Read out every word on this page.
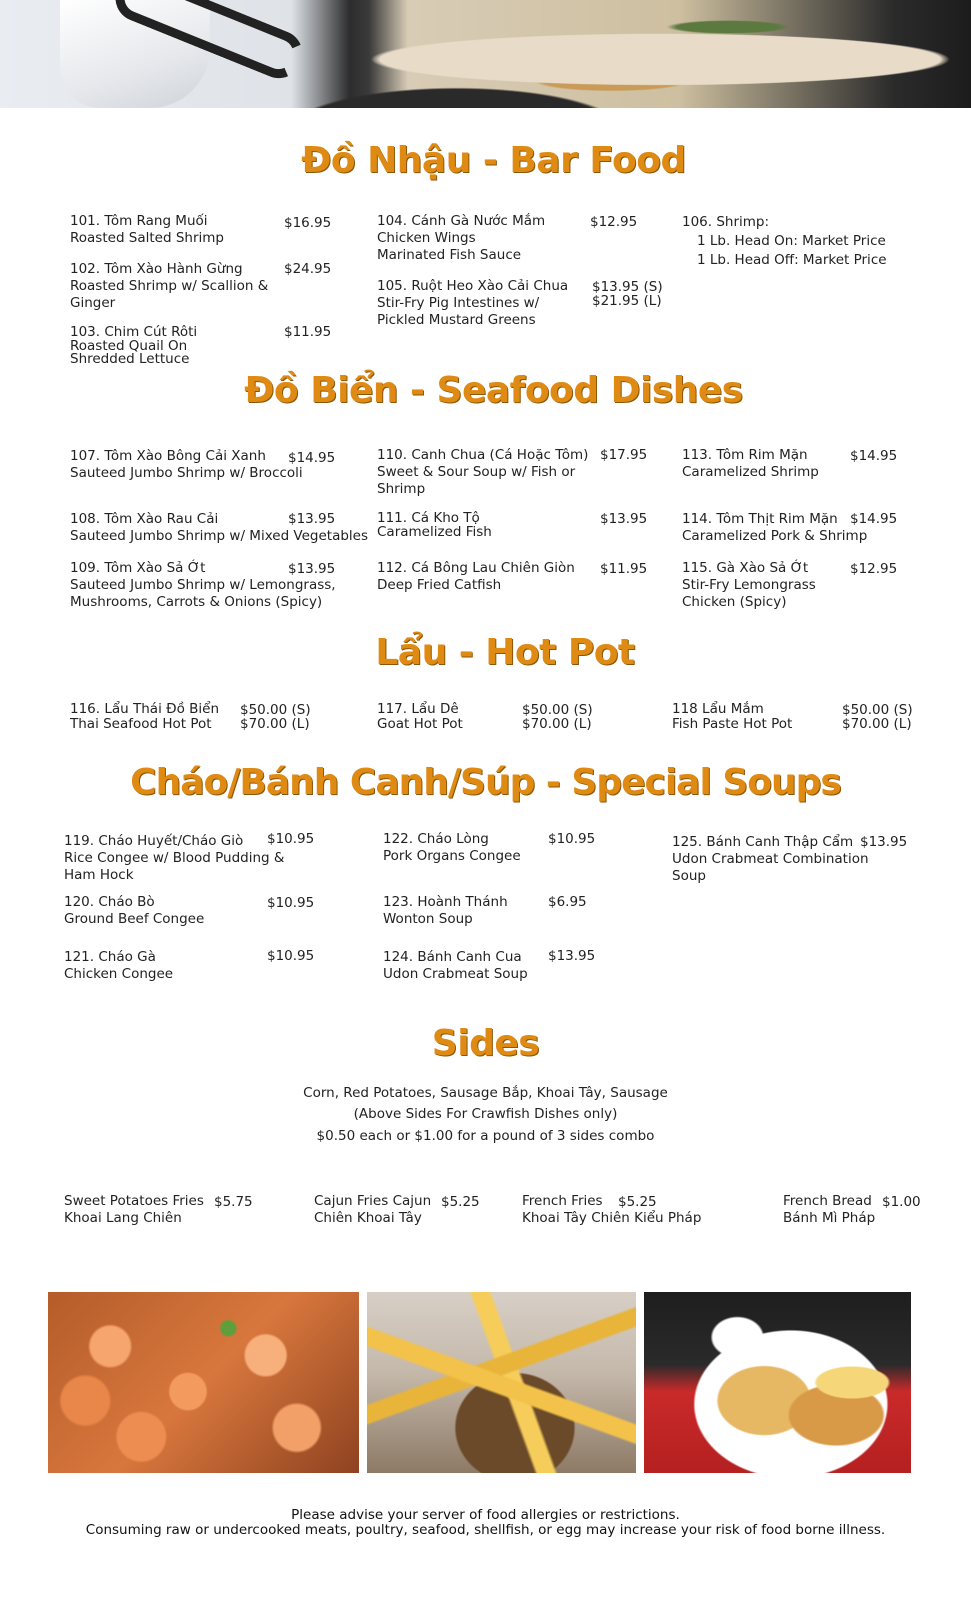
Đồ Nhậu - Bar Food
101. Tôm Rang Muối
Roasted Salted Shrimp
$16.95
102. Tôm Xào Hành Gừng
Roasted Shrimp w/ Scallion &
Ginger
$24.95
103. Chim Cút Rôti
Roasted Quail On
Shredded Lettuce
$11.95
104. Cánh Gà Nước Mắm
Chicken Wings
Marinated Fish Sauce
$12.95
105. Ruột Heo Xào Cải Chua
Stir-Fry Pig Intestines w/
Pickled Mustard Greens
$13.95 (S)
$21.95 (L)
106. Shrimp:
1 Lb. Head On: Market Price
1 Lb. Head Off: Market Price
Đồ Biển - Seafood Dishes
107. Tôm Xào Bông Cải Xanh
Sauteed Jumbo Shrimp w/ Broccoli
$14.95
108. Tôm Xào Rau Cải
Sauteed Jumbo Shrimp w/ Mixed Vegetables
$13.95
109. Tôm Xào Sả Ớt
Sauteed Jumbo Shrimp w/ Lemongrass,
Mushrooms, Carrots & Onions (Spicy)
$13.95
110. Canh Chua (Cá Hoặc Tôm)
Sweet & Sour Soup w/ Fish or
Shrimp
$17.95
111. Cá Kho Tộ
Caramelized Fish
$13.95
112. Cá Bông Lau Chiên Giòn
Deep Fried Catfish
$11.95
113. Tôm Rim Mặn
Caramelized Shrimp
$14.95
114. Tôm Thịt Rim Mặn
Caramelized Pork & Shrimp
$14.95
115. Gà Xào Sả Ớt
Stir-Fry Lemongrass
Chicken (Spicy)
$12.95
Lẩu - Hot Pot
116. Lẩu Thái Đồ Biển
Thai Seafood Hot Pot
$50.00 (S)
$70.00 (L)
117. Lẩu Dê
Goat Hot Pot
$50.00 (S)
$70.00 (L)
118 Lẩu Mắm
Fish Paste Hot Pot
$50.00 (S)
$70.00 (L)
Cháo/Bánh Canh/Súp - Special Soups
119. Cháo Huyết/Cháo Giò
Rice Congee w/ Blood Pudding &
Ham Hock
$10.95
120. Cháo Bò
Ground Beef Congee
$10.95
121. Cháo Gà
Chicken Congee
$10.95
122. Cháo Lòng
Pork Organs Congee
$10.95
123. Hoành Thánh
Wonton Soup
$6.95
124. Bánh Canh Cua
Udon Crabmeat Soup
$13.95
125. Bánh Canh Thập Cẩm
Udon Crabmeat Combination
Soup
$13.95
Sides
Corn, Red Potatoes, Sausage Bắp, Khoai Tây, Sausage
(Above Sides For Crawfish Dishes only)
$0.50 each or $1.00 for a pound of 3 sides combo
Sweet Potatoes Fries
Khoai Lang Chiên
$5.75	Cajun Fries Cajun
Chiên Khoai Tây
$5.25	French Fries
Khoai Tây Chiên Kiểu Pháp
$5.25	French Bread
Bánh Mì Pháp
$1.00
Please advise your server of food allergies or restrictions.
Consuming raw or undercooked meats, poultry, seafood, shellfish, or egg may increase your risk of food borne illness.
